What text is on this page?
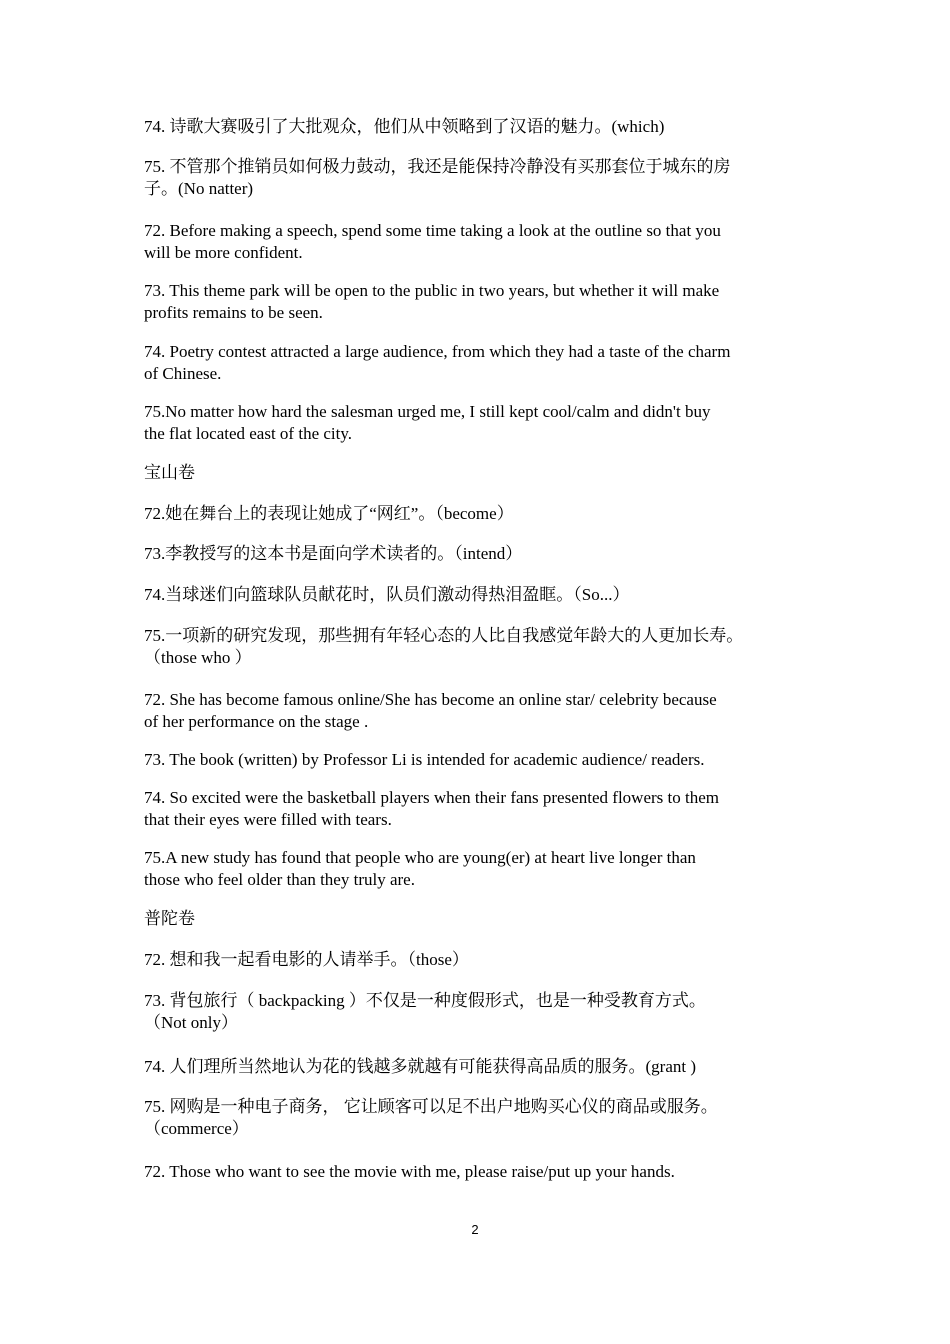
74. 诗歌大赛吸引了大批观众，他们从中领略到了汉语的魅力。(which)
75. 不管那个推销员如何极力鼓动，我还是能保持冷静没有买那套位于城东的房
子。(No natter)
72. Before making a speech, spend some time taking a look at the outline so that you
will be more confident.
73. This theme park will be open to the public in two years, but whether it will make
profits remains to be seen.
74. Poetry contest attracted a large audience, from which they had a taste of the charm
of Chinese.
75.No matter how hard the salesman urged me, I still kept cool/calm and didn't buy
the flat located east of the city.
宝山卷
72.她在舞台上的表现让她成了“网红”。（become）
73.李教授写的这本书是面向学术读者的。（intend）
74.当球迷们向篮球队员献花时，队员们激动得热泪盈眶。（So...）
75.一项新的研究发现，那些拥有年轻心态的人比自我感觉年龄大的人更加长寿。
（those who ）
72. She has become famous online/She has become an online star/ celebrity because
of her performance on the stage .
73. The book (written) by Professor Li is intended for academic audience/ readers.
74. So excited were the basketball players when their fans presented flowers to them
that their eyes were filled with tears.
75.A new study has found that people who are young(er) at heart live longer than
those who feel older than they truly are.
普陀卷
72. 想和我一起看电影的人请举手。（those）
73. 背包旅行（ backpacking ）不仅是一种度假形式，也是一种受教育方式。
（Not only）
74. 人们理所当然地认为花的钱越多就越有可能获得高品质的服务。(grant )
75. 网购是一种电子商务， 它让顾客可以足不出户地购买心仪的商品或服务。
（commerce）
72. Those who want to see the movie with me, please raise/put up your hands.
2
